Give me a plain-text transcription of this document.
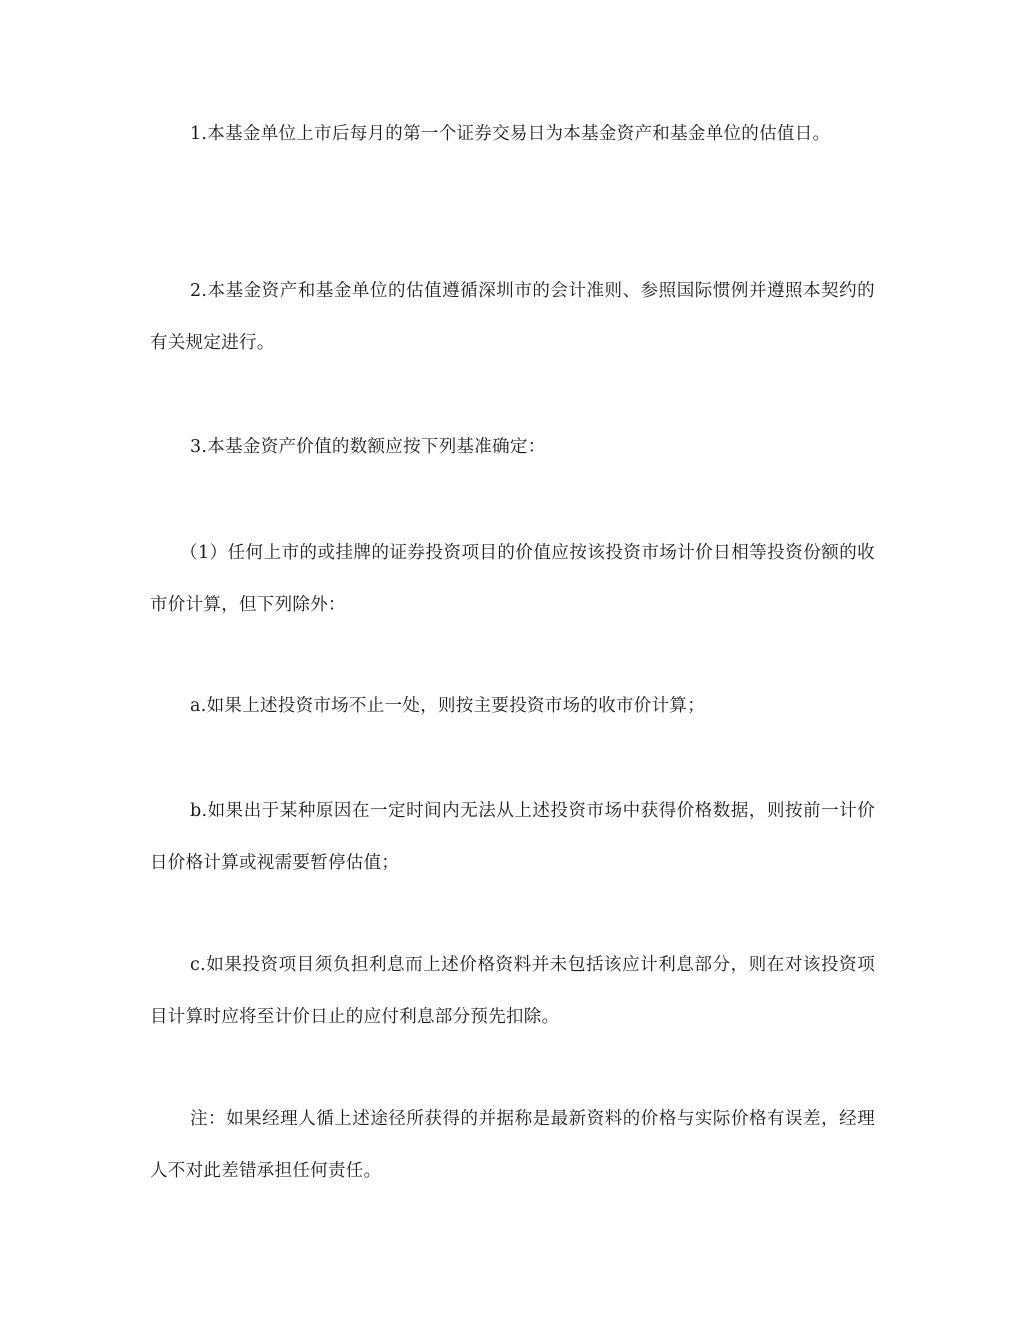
1.本基金单位上市后每月的第一个证券交易日为本基金资产和基金单位的估值日。

2.本基金资产和基金单位的估值遵循深圳市的会计准则、参照国际惯例并遵照本契约的有关规定进行。

3.本基金资产价值的数额应按下列基准确定：

（1）任何上市的或挂牌的证券投资项目的价值应按该投资市场计价日相等投资份额的收市价计算，但下列除外：

a.如果上述投资市场不止一处，则按主要投资市场的收市价计算；

b.如果出于某种原因在一定时间内无法从上述投资市场中获得价格数据，则按前一计价日价格计算或视需要暂停估值；

c.如果投资项目须负担利息而上述价格资料并未包括该应计利息部分，则在对该投资项目计算时应将至计价日止的应付利息部分预先扣除。

注：如果经理人循上述途径所获得的并据称是最新资料的价格与实际价格有误差，经理人不对此差错承担任何责任。
